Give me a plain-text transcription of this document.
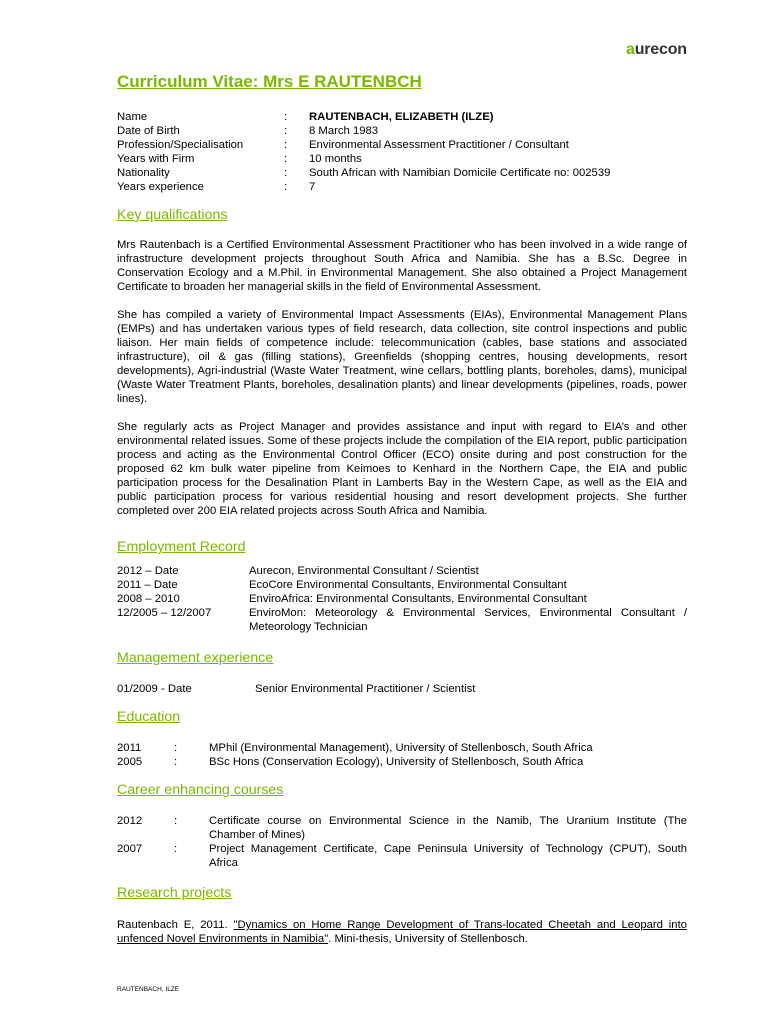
aurecon
Curriculum Vitae: Mrs E RAUTENBCH
Name	:	RAUTENBACH, ELIZABETH (ILZE)
Date of Birth	:	8 March 1983
Profession/Specialisation	:	Environmental Assessment Practitioner / Consultant
Years with Firm	:	10 months
Nationality	:	South African with Namibian Domicile Certificate no: 002539
Years experience	:	7
Key qualifications

Mrs Rautenbach is a Certified Environmental Assessment Practitioner who has been involved in a wide range of infrastructure development projects throughout South Africa and Namibia. She has a B.Sc. Degree in Conservation Ecology and a M.Phil. in Environmental Management. She also obtained a Project Management Certificate to broaden her managerial skills in the field of Environmental Assessment.

She has compiled a variety of Environmental Impact Assessments (EIAs), Environmental Management Plans (EMPs) and has undertaken various types of field research, data collection, site control inspections and public liaison. Her main fields of competence include: telecommunication (cables, base stations and associated infrastructure), oil & gas (filling stations), Greenfields (shopping centres, housing developments, resort developments), Agri-industrial (Waste Water Treatment, wine cellars, bottling plants, boreholes, dams), municipal (Waste Water Treatment Plants, boreholes, desalination plants) and linear developments (pipelines, roads, power lines).

She regularly acts as Project Manager and provides assistance and input with regard to EIA’s and other environmental related issues. Some of these projects include the compilation of the EIA report, public participation process and acting as the Environmental Control Officer (ECO) onsite during and post construction for the proposed 62 km bulk water pipeline from Keimoes to Kenhard in the Northern Cape, the EIA and public participation process for the Desalination Plant in Lamberts Bay in the Western Cape, as well as the EIA and public participation process for various residential housing and resort development projects. She further completed over 200 EIA related projects across South Africa and Namibia.

Employment Record
2012 – Date	Aurecon, Environmental Consultant / Scientist
2011 – Date	EcoCore Environmental Consultants, Environmental Consultant
2008 – 2010	EnviroAfrica: Environmental Consultants, Environmental Consultant
12/2005 – 12/2007	EnviroMon: Meteorology & Environmental Services, Environmental Consultant / Meteorology Technician
Management experience
01/2009 - Date	Senior Environmental Practitioner / Scientist
Education
2011	:	MPhil (Environmental Management), University of Stellenbosch, South Africa
2005	:	BSc Hons (Conservation Ecology), University of Stellenbosch, South Africa
Career enhancing courses
2012	:	Certificate course on Environmental Science in the Namib, The Uranium Institute (The Chamber of Mines)
2007	:	Project Management Certificate, Cape Peninsula University of Technology (CPUT), South Africa
Research projects

Rautenbach E, 2011. "Dynamics on Home Range Development of Trans-located Cheetah and Leopard into unfenced Novel Environments in Namibia". Mini-thesis, University of Stellenbosch.

RAUTENBACH, ILZE
